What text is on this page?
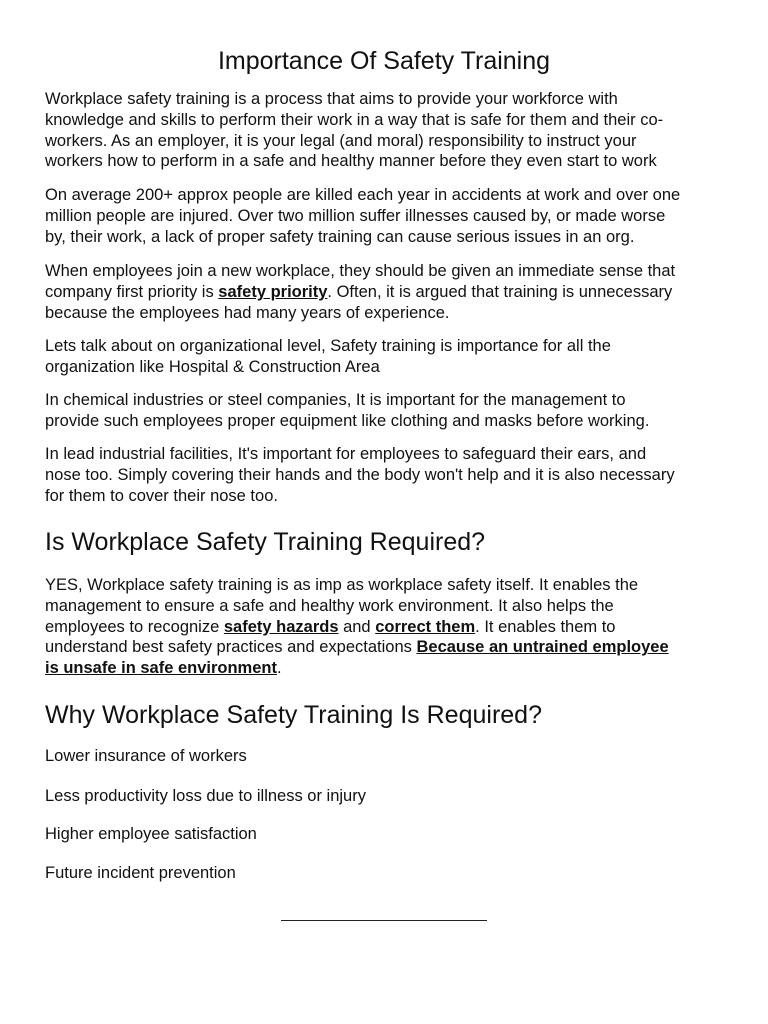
Importance Of Safety Training

Workplace safety training is a process that aims to provide your workforce with
knowledge and skills to perform their work in a way that is safe for them and their co-
workers. As an employer, it is your legal (and moral) responsibility to instruct your
workers how to perform in a safe and healthy manner before they even start to work

On average 200+ approx people are killed each year in accidents at work and over one
million people are injured. Over two million suffer illnesses caused by, or made worse
by, their work, a lack of proper safety training can cause serious issues in an org.

When employees join a new workplace, they should be given an immediate sense that
company first priority is safety priority. Often, it is argued that training is unnecessary
because the employees had many years of experience.

Lets talk about on organizational level, Safety training is importance for all the
organization like Hospital & Construction Area

In chemical industries or steel companies, It is important for the management to
provide such employees proper equipment like clothing and masks before working.

In lead industrial facilities, It's important for employees to safeguard their ears, and
nose too. Simply covering their hands and the body won't help and it is also necessary
for them to cover their nose too.

Is Workplace Safety Training Required?

YES, Workplace safety training is as imp as workplace safety itself. It enables the
management to ensure a safe and healthy work environment. It also helps the
employees to recognize safety hazards and correct them. It enables them to
understand best safety practices and expectations Because an untrained employee
is unsafe in safe environment.

Why Workplace Safety Training Is Required?

Lower insurance of workers

Less productivity loss due to illness or injury

Higher employee satisfaction

Future incident prevention
